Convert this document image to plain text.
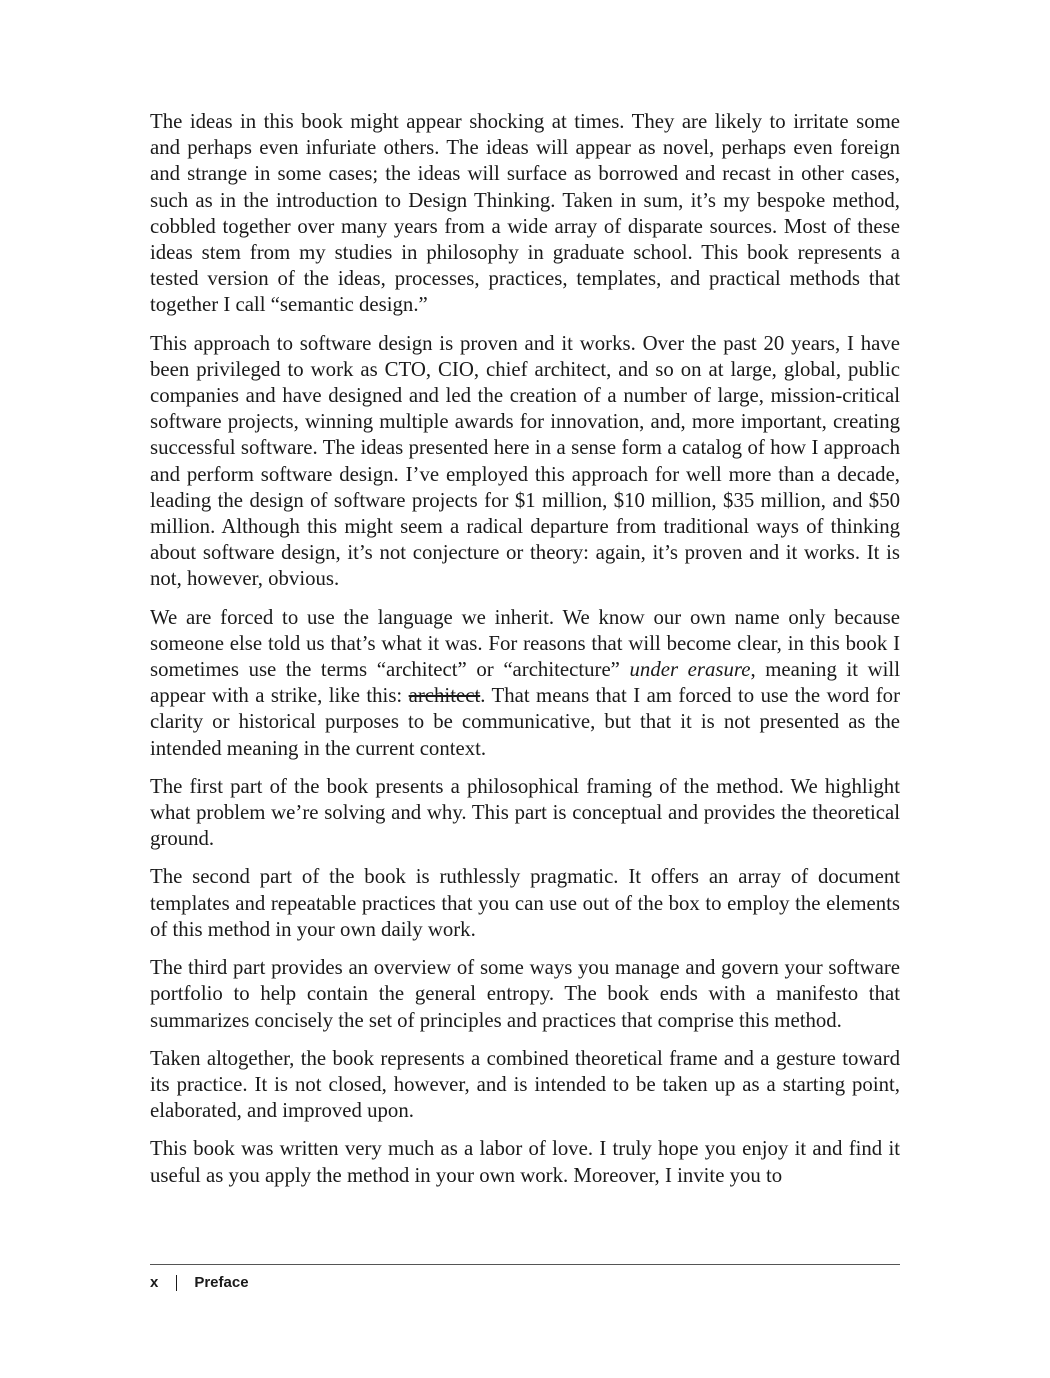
The ideas in this book might appear shocking at times. They are likely to irritate some and perhaps even infuriate others. The ideas will appear as novel, perhaps even foreign and strange in some cases; the ideas will surface as borrowed and recast in other cases, such as in the introduction to Design Thinking. Taken in sum, it’s my bespoke method, cobbled together over many years from a wide array of disparate sources. Most of these ideas stem from my studies in philosophy in graduate school. This book represents a tested version of the ideas, processes, practices, templates, and practical methods that together I call “semantic design.”

This approach to software design is proven and it works. Over the past 20 years, I have been privileged to work as CTO, CIO, chief architect, and so on at large, global, public companies and have designed and led the creation of a number of large, mission-critical software projects, winning multiple awards for innovation, and, more important, creating successful software. The ideas presented here in a sense form a catalog of how I approach and perform software design. I’ve employed this approach for well more than a decade, leading the design of software projects for $1 million, $10 million, $35 million, and $50 million. Although this might seem a radical departure from traditional ways of thinking about software design, it’s not conjecture or theory: again, it’s proven and it works. It is not, however, obvious.

We are forced to use the language we inherit. We know our own name only because someone else told us that’s what it was. For reasons that will become clear, in this book I sometimes use the terms “architect” or “architecture” under erasure, meaning it will appear with a strike, like this: architect. That means that I am forced to use the word for clarity or historical purposes to be communicative, but that it is not presented as the intended meaning in the current context.

The first part of the book presents a philosophical framing of the method. We highlight what problem we’re solving and why. This part is conceptual and provides the theoretical ground.

The second part of the book is ruthlessly pragmatic. It offers an array of document templates and repeatable practices that you can use out of the box to employ the elements of this method in your own daily work.

The third part provides an overview of some ways you manage and govern your software portfolio to help contain the general entropy. The book ends with a manifesto that summarizes concisely the set of principles and practices that comprise this method.

Taken altogether, the book represents a combined theoretical frame and a gesture toward its practice. It is not closed, however, and is intended to be taken up as a starting point, elaborated, and improved upon.

This book was written very much as a labor of love. I truly hope you enjoy it and find it useful as you apply the method in your own work. Moreover, I invite you to

x Preface
